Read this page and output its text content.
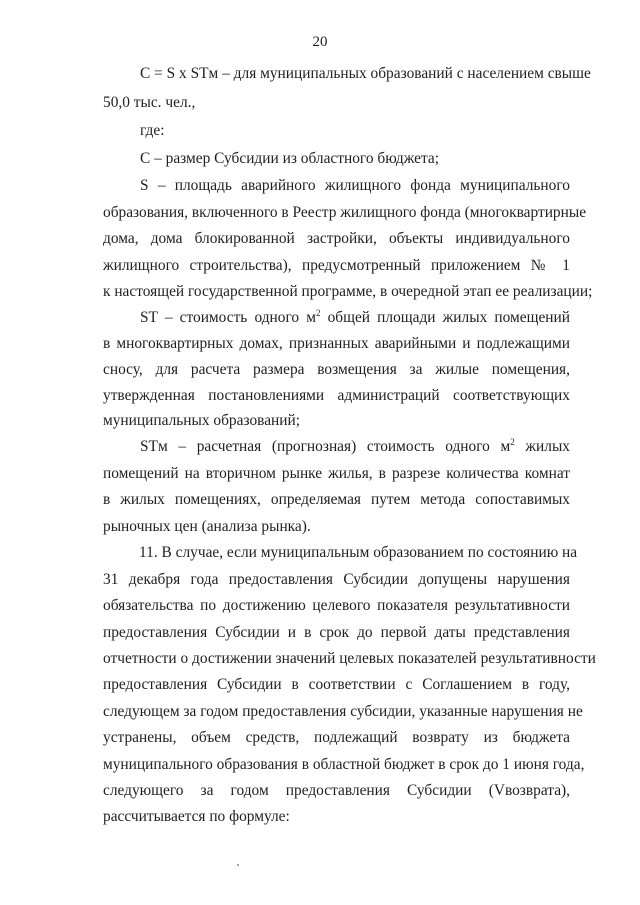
20
C = S x STм – для муниципальных образований с населением свыше
50,0 тыс. чел.,
где:
C – размер Субсидии из областного бюджета;
S – площадь аварийного жилищного фонда муниципального
образования, включенного в Реестр жилищного фонда (многоквартирные
дома, дома блокированной застройки, объекты индивидуального
жилищного строительства), предусмотренный приложением № 1
к настоящей государственной программе, в очередной этап ее реализации;
ST – стоимость одного $м^2$ общей площади жилых помещений
в многоквартирных домах, признанных аварийными и подлежащими
сносу, для расчета размера возмещения за жилые помещения,
утвержденная постановлениями администраций соответствующих
муниципальных образований;
STм – расчетная (прогнозная) стоимость одного $м^2$ жилых
помещений на вторичном рынке жилья, в разрезе количества комнат
в жилых помещениях, определяемая путем метода сопоставимых
рыночных цен (анализа рынка).
11. В случае, если муниципальным образованием по состоянию на
31 декабря года предоставления Субсидии допущены нарушения
обязательства по достижению целевого показателя результативности
предоставления Субсидии и в срок до первой даты представления
отчетности о достижении значений целевых показателей результативности
предоставления Субсидии в соответствии с Соглашением в году,
следующем за годом предоставления субсидии, указанные нарушения не
устранены, объем средств, подлежащий возврату из бюджета
муниципального образования в областной бюджет в срок до 1 июня года,
следующего за годом предоставления Субсидии (Vвозврата),
рассчитывается по формуле:
